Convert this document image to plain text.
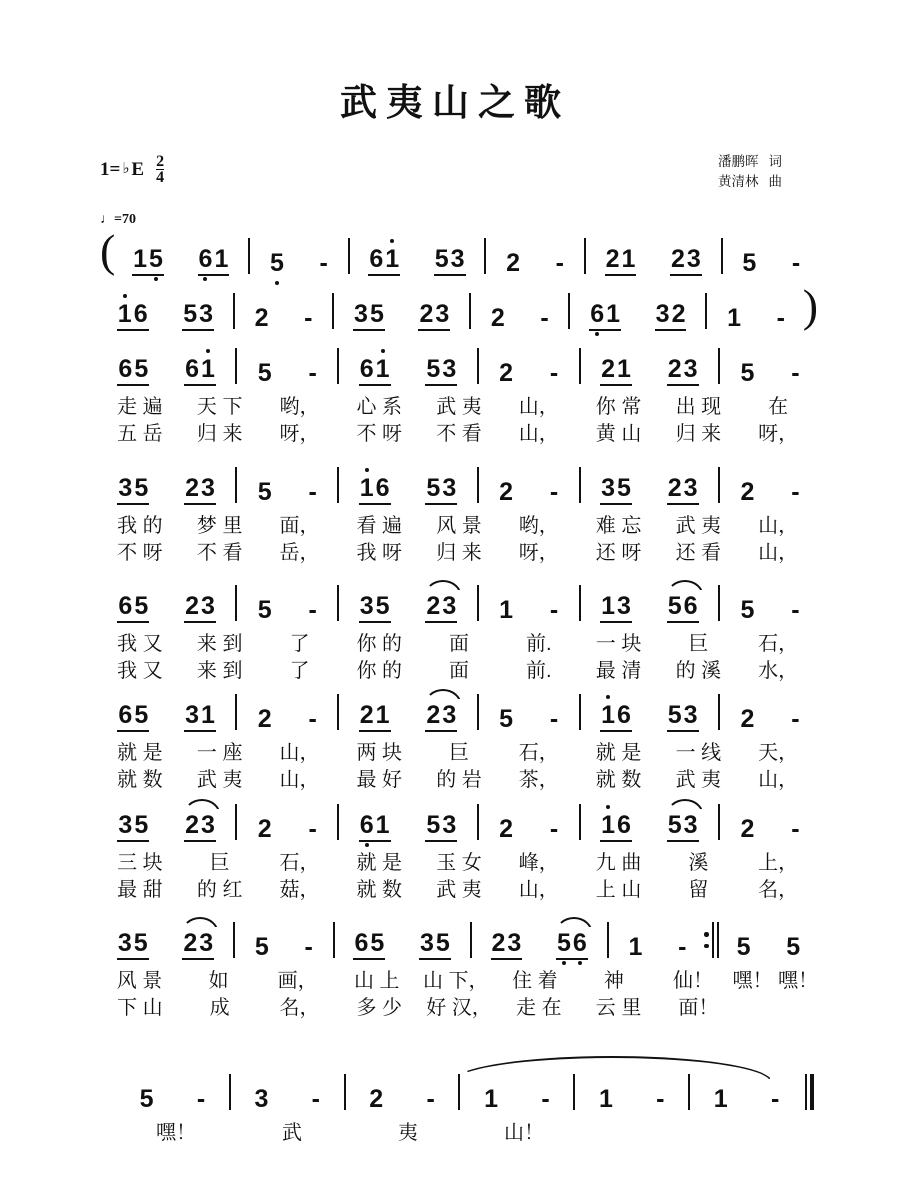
武夷山之歌
1= ♭ E $\frac{2}{4}$	潘鹏晖 词
黄清林 曲
♩=70
( 1 5 6 1 5 - 6 1 5 3 2 - 2 1 2 3 5 -
1 6 5 3 2 - 3 5 2 3 2 - 6 1 3 2 1 - )
6 5 6 1 5 - 6 1 5 3 2 - 2 1 2 3 5 -
走 遍	天 下	哟，	心 系	武 夷	山，	你 常	出 现	在
五 岳	归 来	呀，	不 呀	不 看	山，	黄 山	归 来	呀，
3 5 2 3 5 - 1 6 5 3 2 - 3 5 2 3 2 -
我 的	梦 里	面，	看 遍	风 景	哟，	难 忘	武 夷	山，
不 呀	不 看	岳，	我 呀	归 来	呀，	还 呀	还 看	山，
6 5 2 3 5 - 3 5 2 3 1 - 1 3 5 6 5 -
我 又	来 到	了	你 的	面	前.	一 块	巨	石，
我 又	来 到	了	你 的	面	前.	最 清	的 溪	水，
6 5 3 1 2 - 2 1 2 3 5 - 1 6 5 3 2 -
就 是	一 座	山，	两 块	巨	石，	就 是	一 线	天，
就 数	武 夷	山，	最 好	的 岩	茶，	就 数	武 夷	山，
3 5 2 3 2 - 6 1 5 3 2 - 1 6 5 3 2 -
三 块	巨	石，	就 是	玉 女	峰，	九 曲	溪	上，
最 甜	的 红	菇，	就 数	武 夷	山，	上 山	留	名，
3 5 2 3 5 - 6 5 3 5 2 3 5 6 1 - 5 5
风 景	如	画，	山 上	山 下，	住 着	神	仙！ 嘿！ 嘿！
下 山	成	名，	多 少	好 汉，	走 在	云 里	面！
5 - 3 - 2 - 1 - 1 - 1 -
嘿！	武	夷	山！
